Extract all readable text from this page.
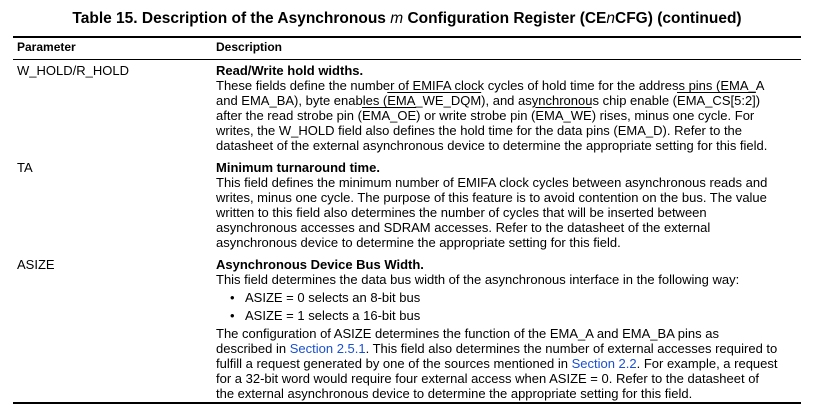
Table 15. Description of the Asynchronous m Configuration Register (CEnCFG) (continued)
Parameter	Description
W_HOLD/R_HOLD	Read/Write hold widths.
These fields define the number of EMIFA clock cycles of hold time for the address pins (EMA_A
and EMA_BA), byte enables (EMA_WE_DQM), and asynchronous chip enable (EMA_CS[5:2])
after the read strobe pin (EMA_OE) or write strobe pin (EMA_WE) rises, minus one cycle. For
writes, the W_HOLD field also defines the hold time for the data pins (EMA_D). Refer to the
datasheet of the external asynchronous device to determine the appropriate setting for this field.
TA	Minimum turnaround time.
This field defines the minimum number of EMIFA clock cycles between asynchronous reads and
writes, minus one cycle. The purpose of this feature is to avoid contention on the bus. The value
written to this field also determines the number of cycles that will be inserted between
asynchronous accesses and SDRAM accesses. Refer to the datasheet of the external
asynchronous device to determine the appropriate setting for this field.
ASIZE	Asynchronous Device Bus Width.
This field determines the data bus width of the asynchronous interface in the following way:
• ASIZE = 0 selects an 8-bit bus
• ASIZE = 1 selects a 16-bit bus
The configuration of ASIZE determines the function of the EMA_A and EMA_BA pins as
described in Section 2.5.1. This field also determines the number of external accesses required to
fulfill a request generated by one of the sources mentioned in Section 2.2. For example, a request
for a 32-bit word would require four external access when ASIZE = 0. Refer to the datasheet of
the external asynchronous device to determine the appropriate setting for this field.
